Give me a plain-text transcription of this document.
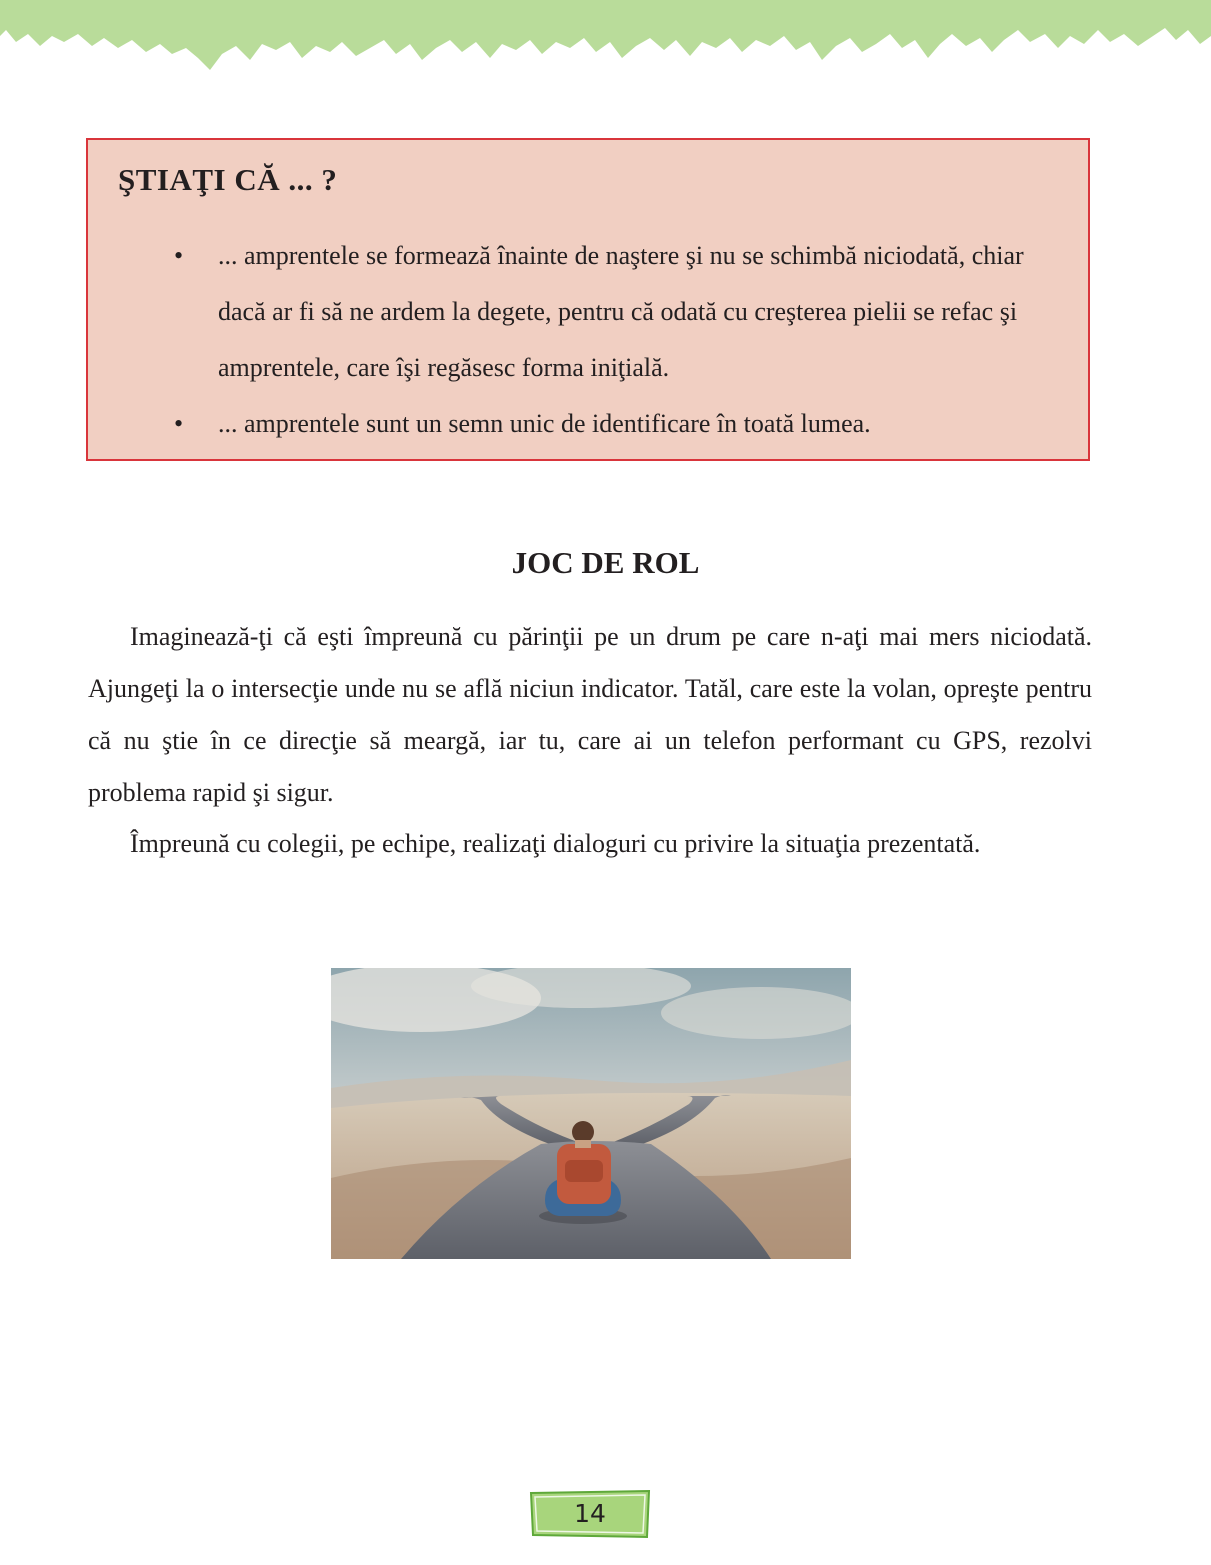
ŞTIAŢI CĂ ... ?
• ... amprentele se formează înainte de naştere şi nu se schimbă niciodată, chiar dacă ar fi să ne ardem la degete, pentru că odată cu creşterea pielii se refac şi amprentele, care îşi regăsesc forma iniţială.
• ... amprentele sunt un semn unic de identificare în toată lumea.
JOC DE ROL

Imaginează-ţi că eşti împreună cu părinţii pe un drum pe care n-aţi mai mers niciodată. Ajungeţi la o intersecţie unde nu se află niciun indicator. Tatăl, care este la volan, opreşte pentru că nu ştie în ce direcţie să meargă, iar tu, care ai un telefon performant cu GPS, rezolvi problema rapid şi sigur.

Împreună cu colegii, pe echipe, realizaţi dialoguri cu privire la situaţia prezentată.

14
